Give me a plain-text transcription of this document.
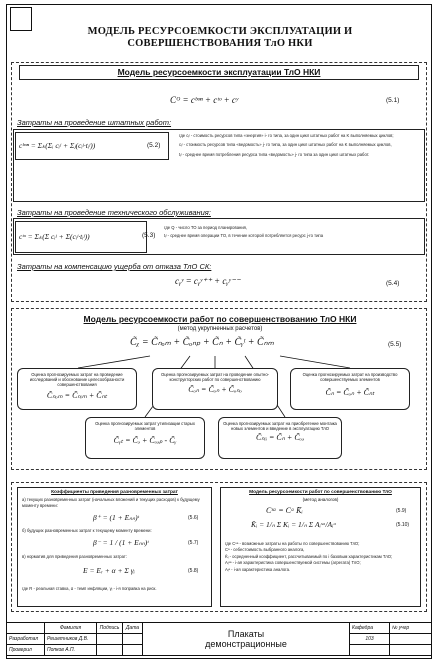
МОДЕЛЬ РЕСУРСОЕМКОСТИ ЭКСПЛУАТАЦИИ И
СОВЕРШЕНСТВОВАНИЯ ТлО НКИ
Модель ресурсоемкости эксплуатации ТлО НКИ
Cᴼ = cᵇᵒⁿ + cᵗᵒ + cʸ	(5.1)
Затраты на проведение штатных работ:
cᵇᵒⁿ = Σₖ(Σᵢ cᵢʲ + Σⱼ(cᵢʲ·tᵢʲ))	(5.2)
где cᵢʲ - стоимость ресурсов типа «энергия» i- го типа, за один цикл штатных работ на K выполняемых циклов;
cᵢʲ - стоимость ресурсов типа «ведомость» j- го типа, за один цикл штатных работ на K выполняемых циклов,
tᵢʲ - среднее время потребления ресурса типа «ведомость» j- го типа за один цикл штатных работ.
Затраты на проведение технического обслуживания:
cᵗᵒ = Σₖ(Σ cᵢʲ + Σ(cᵢʲ·tᵢʲ))	(5.3)
где Q - число ТО за период планирования,
tᵢʲ - среднее время операции ТО, в течение которой потребляется ресурс j-го типа
Затраты на компенсацию ущерба от отказа ТлО СК:
cᵧʸ = cᵧʸ⁺⁺ + cᵧʸ⁻⁻	(5.4)
Модель ресурсоемкости работ по совершенствованию ТлО НКИ
(метод укрупненных расчетов)
C̃ᵪ = C̃ₙₒₘ + C̃ₒₙₚ + C̃ₙ + C̃ᵧᵗ + C̃ₙₘ	(5.5)
Оценка прогнозируемых затрат на проведение исследований и обоснование целесообразности совершенствования
C̃ₙₒₘ = C̃ₙᵢₘ + C̃ₙₜ
Оценка прогнозируемых затрат на проведение опытно-конструкторских работ по совершенствованию
C̃ₒₙ = C̃ₒₙ + C̃ₒₙₒ
Оценка прогнозируемых затрат на производство совершенствуемых элементов
C̃ₙ = C̃ₒₙ + C̃ₙₜ
Оценка прогнозируемых затрат утилизации старых элементов
C̃ᵧₜ = C̃ₔ + C̃ₒₔₚ - C̃ᵧ
Оценка прогнозируемых затрат на приобретение монтажа новых элементов и введение в эксплуатацию ТлО
C̃ₙᵢᵢ = C̃ₙ + C̃ₒₔ
Коэффициенты приведения разновременных затрат
а) текущих разновременных затрат (начальных вложений и текущих расходов) к будущему моменту времени:
β⁺ = (1 + Eₙₙ)ᵗ	(5.6)
б) будущих разновременных затрат к текущему моменту времени:
β⁻ = 1 / (1 + Eₙₙ)ᵗ	(5.7)
в) норматив для приведения разновременных затрат:
E = Eᵣ + α + Σ γᵢ	(5.8)
где R - реальная ставка, α - темп инфляции, γᵢ - i-я поправка на риск.
Модель ресурсоемкости работ по совершенствованию ТлО
(метод аналогов)
Cˢᵃ = Cᵃ K̄ᵢ	(5.9)
K̄ᵢ = 1/ₙ Σ Kᵢ = 1/ₙ Σ Aᵢˢᵃ/Aᵢᵃ	(5.10)
где Cˢᵃ - возможные затраты на работы по совершенствованию ТлО;
Cᵃ - себестоимость выбранного аналога,
K̄ᵢ - осредненный коэффициент, рассчитываемый по i базовым характеристикам ТлО;
Aᵢˢᵃ - i-ая характеристика совершенствуемой системы (агрегата) ТлО;
Aᵢᵃ - i-ая характеристика аналога.
	Фамилия	Подпись	Дата	Плакаты
демонстрационные	Кафедра	№ учгр
Разработал	Решетников Д.В.				103	
Проверил	Попков А.П.					
